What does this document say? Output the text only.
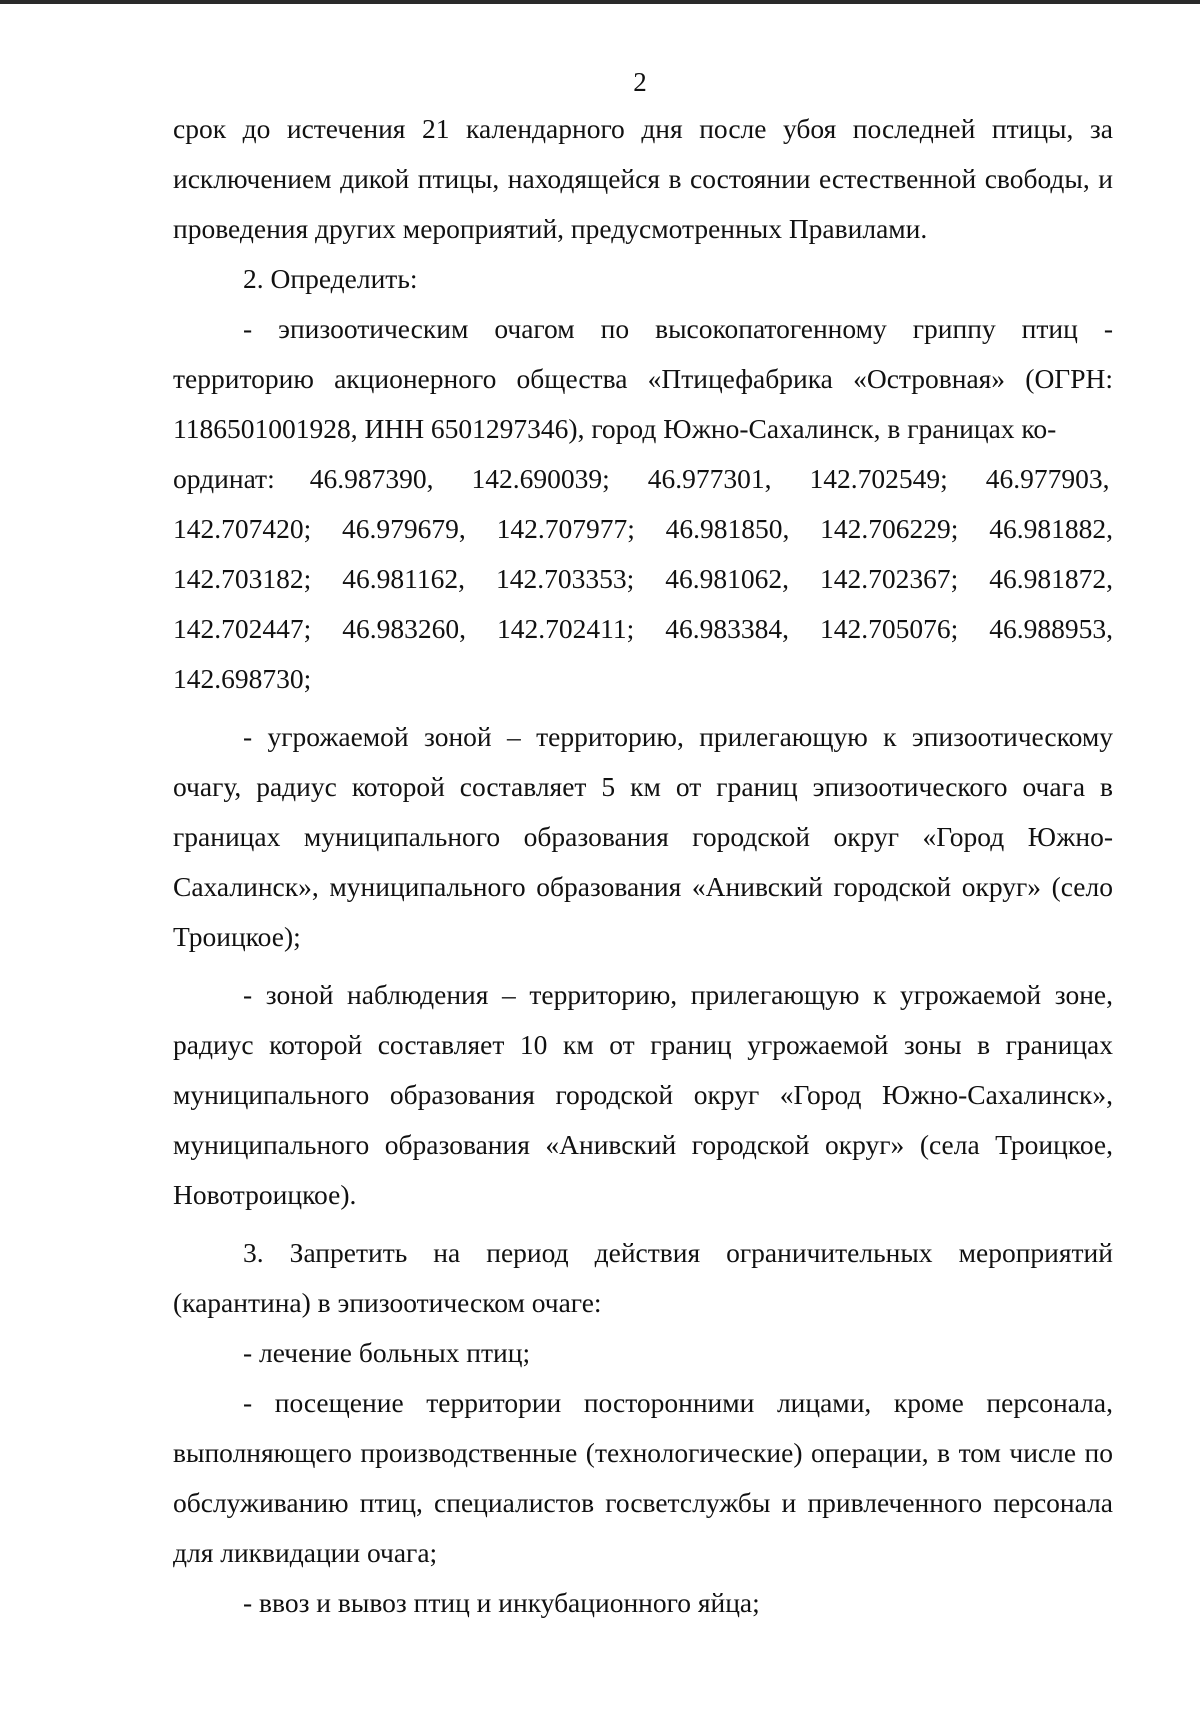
2

срок до истечения 21 календарного дня после убоя последней птицы, за исключением дикой птицы, находящейся в состоянии естественной свободы, и проведения других мероприятий, предусмотренных Правилами.

2. Определить:

- эпизоотическим очагом по высокопатогенному гриппу птиц - территорию акционерного общества «Птицефабрика «Островная» (ОГРН: 1186501001928, ИНН 6501297346), город Южно-Сахалинск, в границах ко-

ординат: 46.987390, 142.690039; 46.977301, 142.702549; 46.977903,
142.707420; 46.979679, 142.707977; 46.981850, 142.706229; 46.981882,
142.703182; 46.981162, 142.703353; 46.981062, 142.702367; 46.981872,
142.702447; 46.983260, 142.702411; 46.983384, 142.705076; 46.988953,

142.698730;

- угрожаемой зоной – территорию, прилегающую к эпизоотическому очагу, радиус которой составляет 5 км от границ эпизоотического очага в границах муниципального образования городской округ «Город Южно-Сахалинск», муниципального образования «Анивский городской округ» (село Троицкое);

- зоной наблюдения – территорию, прилегающую к угрожаемой зоне, радиус которой составляет 10 км от границ угрожаемой зоны в границах муниципального образования городской округ «Город Южно-Сахалинск», муниципального образования «Анивский городской округ» (села Троицкое, Новотроицкое).

3. Запретить на период действия ограничительных мероприятий (карантина) в эпизоотическом очаге:

- лечение больных птиц;

- посещение территории посторонними лицами, кроме персонала, выполняющего производственные (технологические) операции, в том числе по обслуживанию птиц, специалистов госветслужбы и привлеченного персонала для ликвидации очага;

- ввоз и вывоз птиц и инкубационного яйца;
